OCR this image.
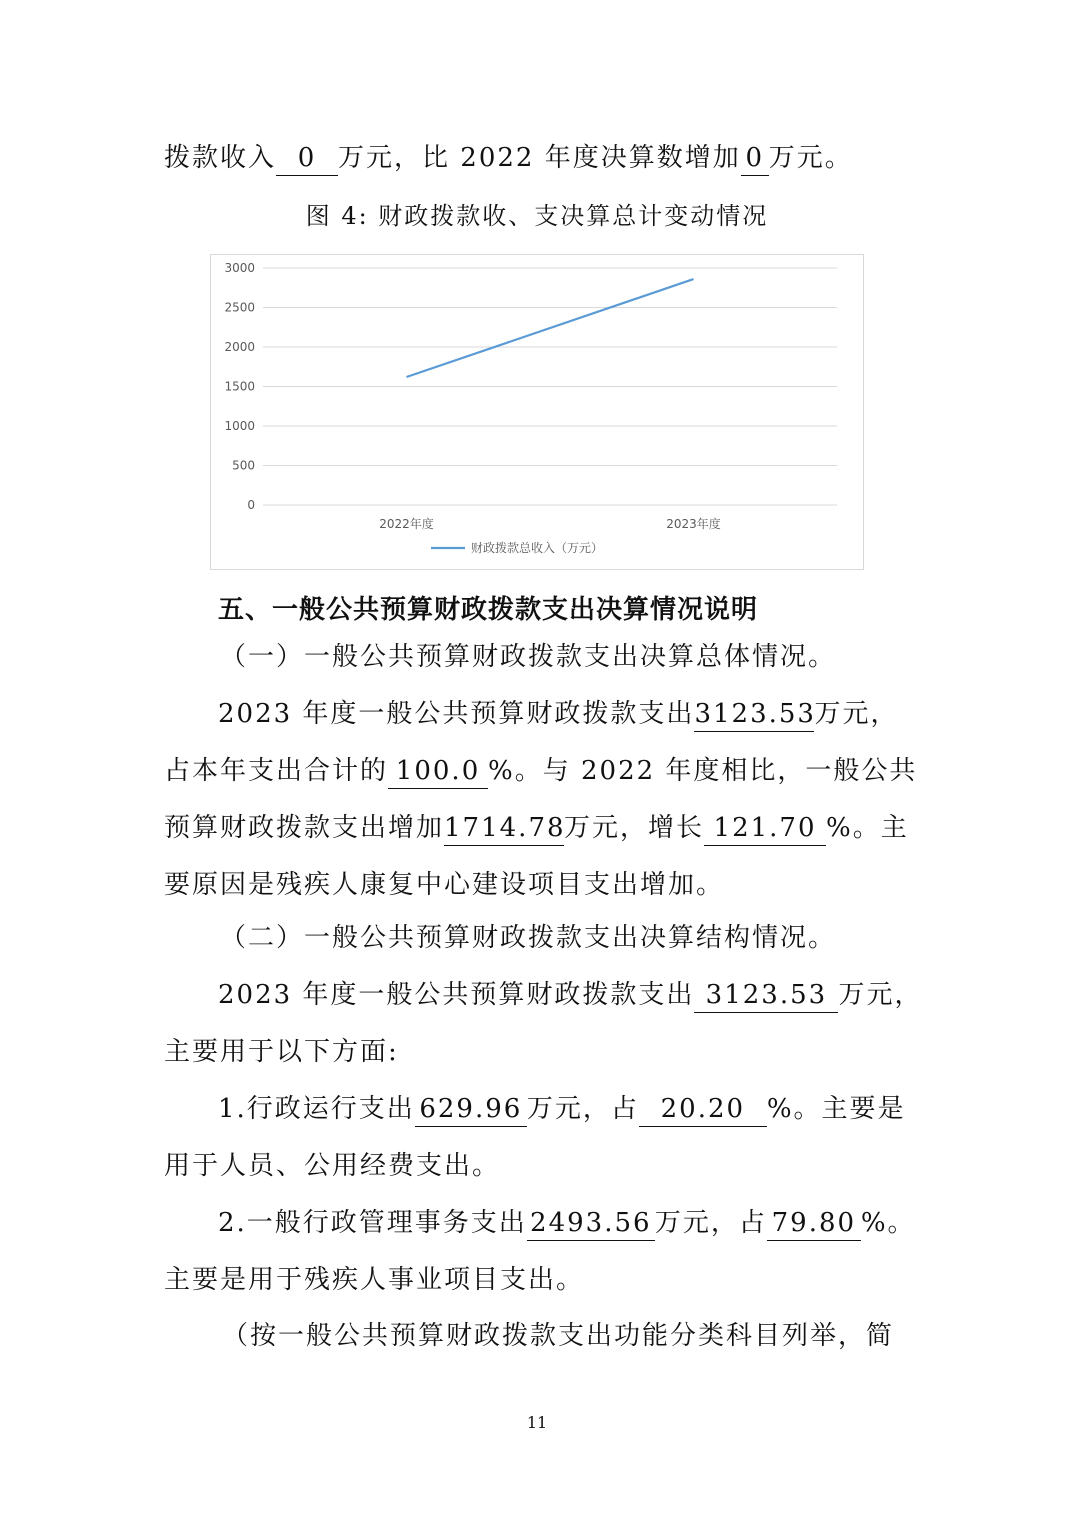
拨款收入 0 万元，比 2022 年度决算数增加 0 万元。
图 4: 财政拨款收、支决算总计变动情况
0
500
1000
1500
2000
2500
3000
2022年度	2023年度
财政拨款总收入（万元）
五、一般公共预算财政拨款支出决算情况说明
（一）一般公共预算财政拨款支出决算总体情况。
2023 年度一般公共预算财政拨款支出3123.53万元，
占本年支出合计的 100.0 %。与 2022 年度相比，一般公共
预算财政拨款支出增加1714.78万元，增长 121.70 %。主
要原因是残疾人康复中心建设项目支出增加。
（二）一般公共预算财政拨款支出决算结构情况。
2023 年度一般公共预算财政拨款支出 3123.53 万元，
主要用于以下方面:
1.行政运行支出 629.96 万元，占 20.20 %。主要是
用于人员、公用经费支出。
2.一般行政管理事务支出 2493.56 万元，占 79.80 %。
主要是用于残疾人事业项目支出。
（按一般公共预算财政拨款支出功能分类科目列举，简
11
